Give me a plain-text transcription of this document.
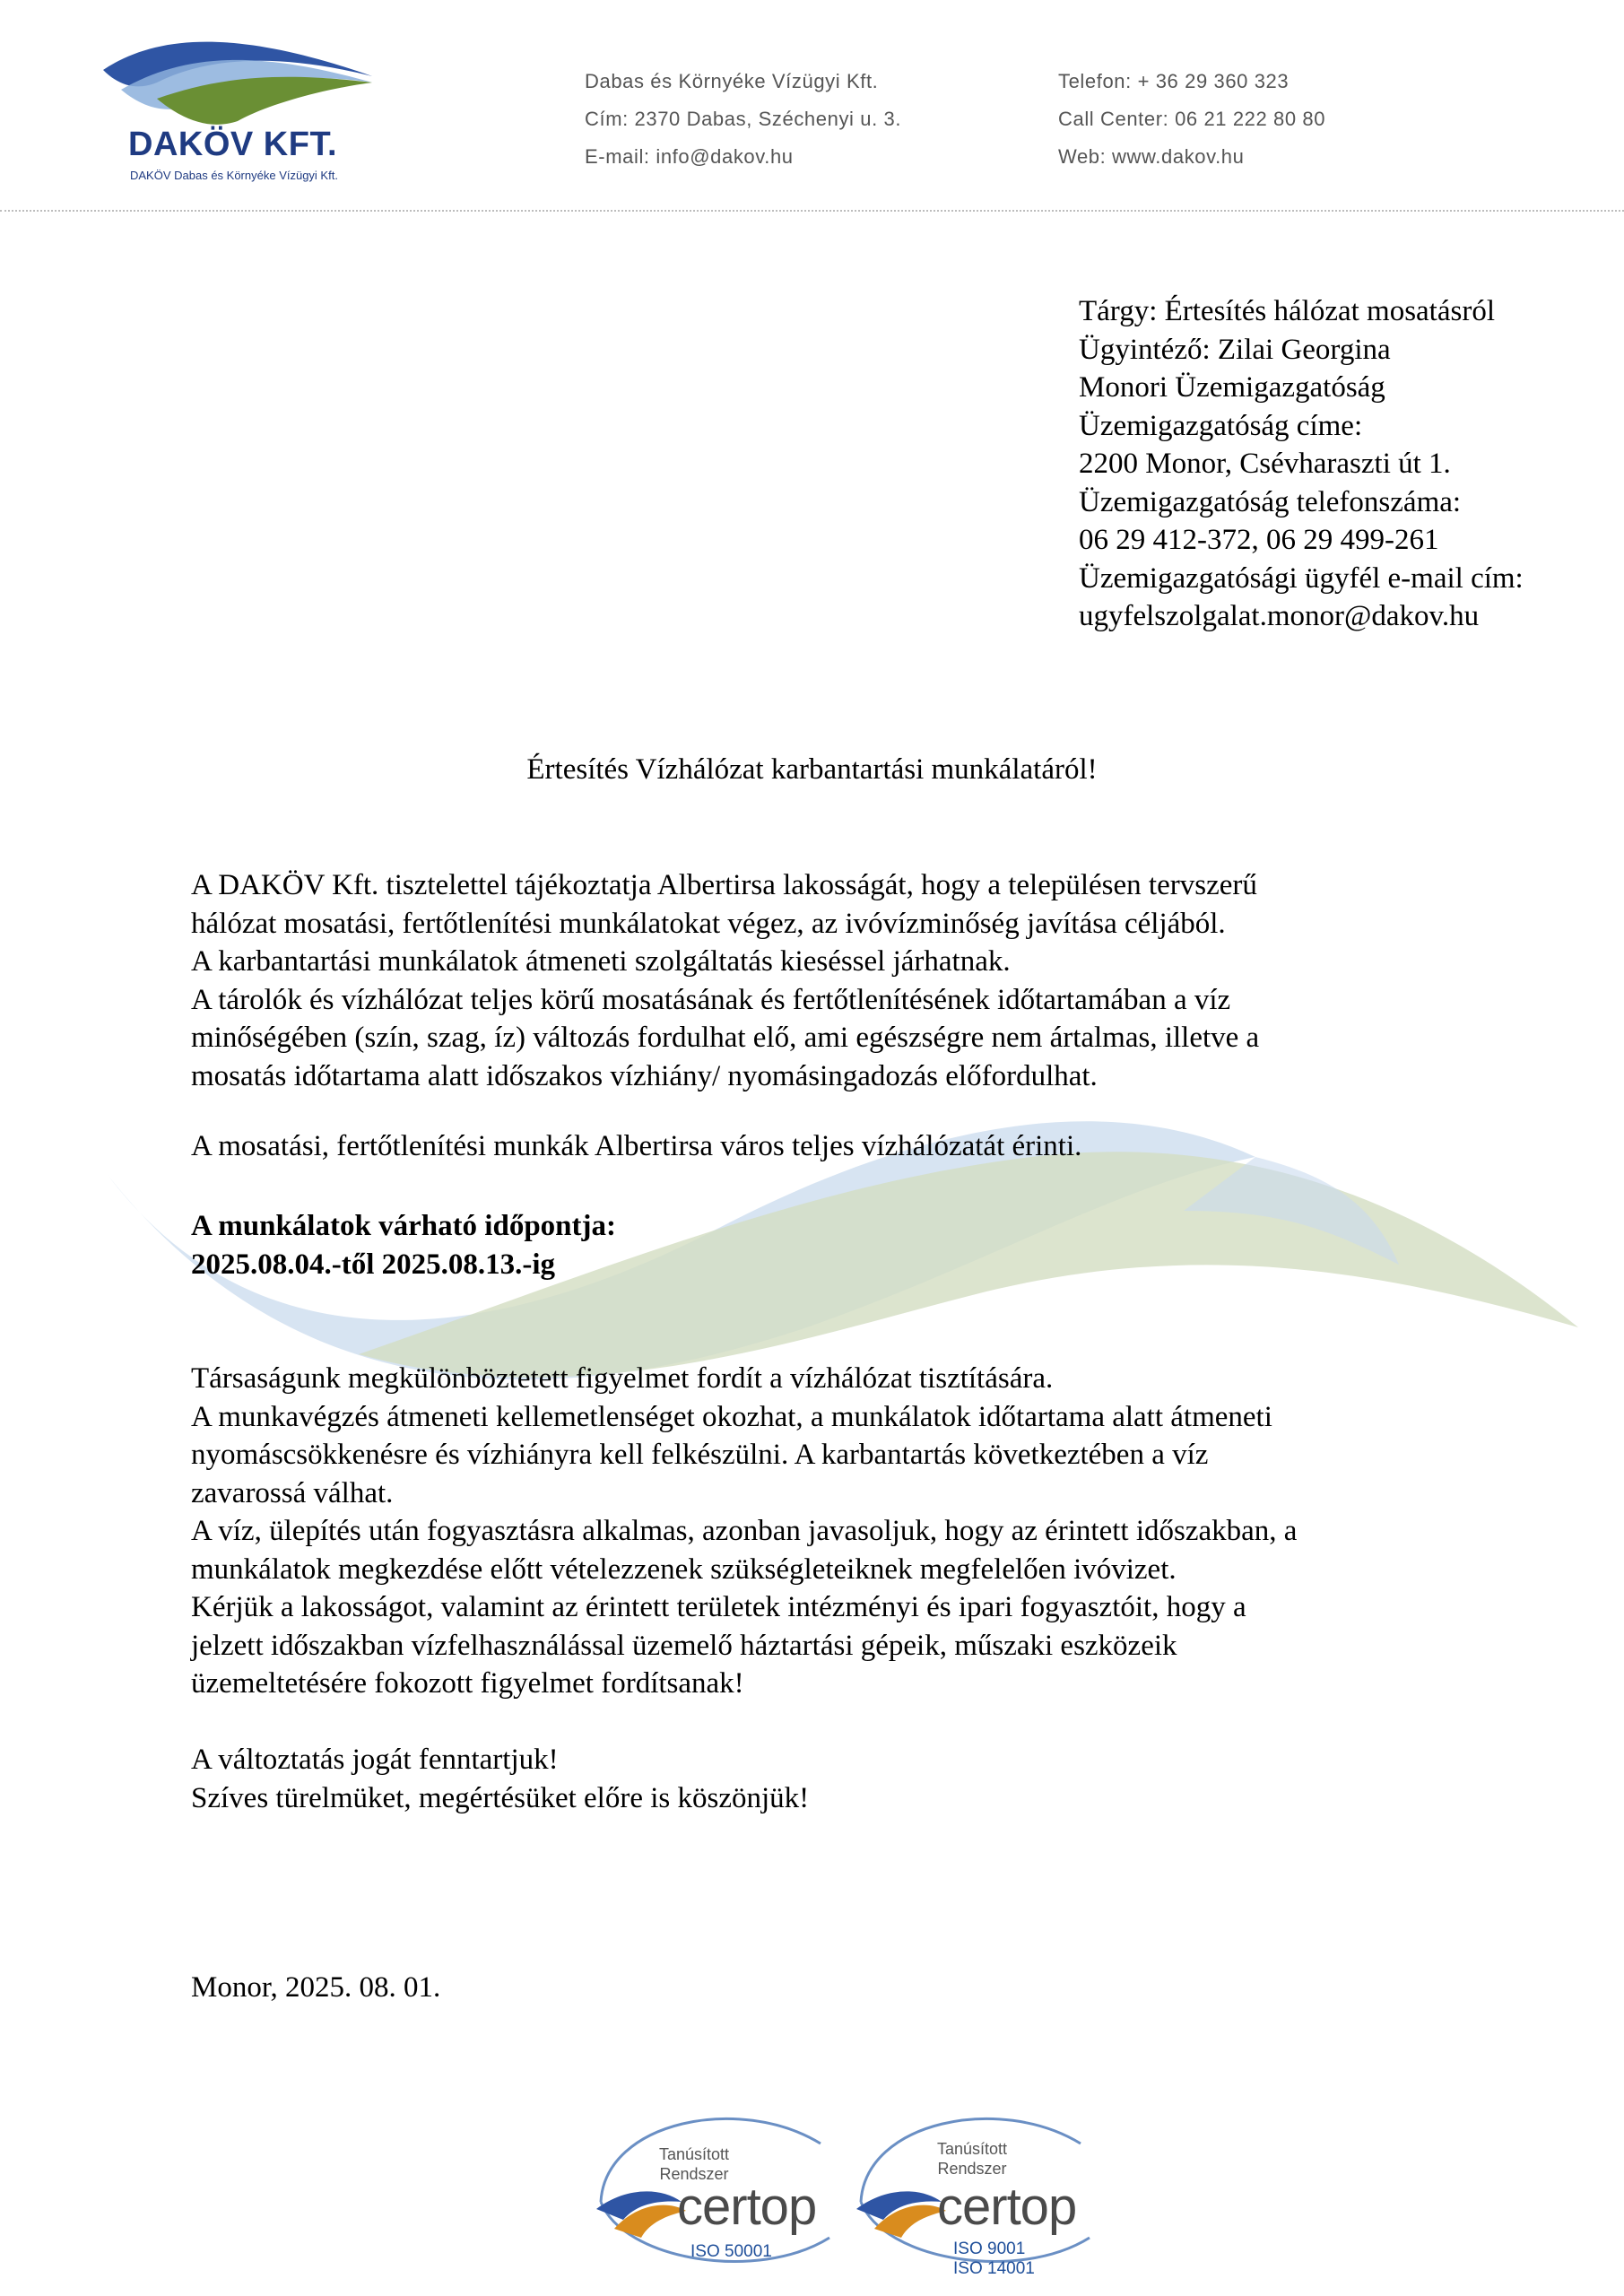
DAKÖV KFT.
DAKÖV Dabas és Környéke Vízügyi Kft.
Dabas és Környéke Vízügyi Kft.
Cím: 2370 Dabas, Széchenyi u. 3.
E-mail: info@dakov.hu
Telefon: + 36 29 360 323
Call Center: 06 21 222 80 80
Web: www.dakov.hu
Tárgy: Értesítés hálózat mosatásról
Ügyintéző: Zilai Georgina
Monori Üzemigazgatóság
Üzemigazgatóság címe:
2200 Monor, Csévharaszti út 1.
Üzemigazgatóság telefonszáma:
06 29 412-372, 06 29 499-261
Üzemigazgatósági ügyfél e-mail cím:
ugyfelszolgalat.monor@dakov.hu
Értesítés Vízhálózat karbantartási munkálatáról!
A DAKÖV Kft. tisztelettel tájékoztatja Albertirsa lakosságát, hogy a településen tervszerű
hálózat mosatási, fertőtlenítési munkálatokat végez, az ivóvízminőség javítása céljából.
A karbantartási munkálatok átmeneti szolgáltatás kieséssel járhatnak.
A tárolók és vízhálózat teljes körű mosatásának és fertőtlenítésének időtartamában a víz
minőségében (szín, szag, íz) változás fordulhat elő, ami egészségre nem ártalmas, illetve a
mosatás időtartama alatt időszakos vízhiány/ nyomásingadozás előfordulhat.
A mosatási, fertőtlenítési munkák Albertirsa város teljes vízhálózatát érinti.
A munkálatok várható időpontja:
2025.08.04.-től 2025.08.13.-ig
Társaságunk megkülönböztetett figyelmet fordít a vízhálózat tisztítására.
A munkavégzés átmeneti kellemetlenséget okozhat, a munkálatok időtartama alatt átmeneti
nyomáscsökkenésre és vízhiányra kell felkészülni. A karbantartás következtében a víz
zavarossá válhat.
A víz, ülepítés után fogyasztásra alkalmas, azonban javasoljuk, hogy az érintett időszakban, a
munkálatok megkezdése előtt vételezzenek szükségleteiknek megfelelően ivóvizet.
Kérjük a lakosságot, valamint az érintett területek intézményi és ipari fogyasztóit, hogy a
jelzett időszakban vízfelhasználással üzemelő háztartási gépeik, műszaki eszközeik
üzemeltetésére fokozott figyelmet fordítsanak!
A változtatás jogát fenntartjuk!
Szíves türelmüket, megértésüket előre is köszönjük!
Monor, 2025. 08. 01.
Tanúsított
Rendszer
certop
ISO 50001
Tanúsított
Rendszer
certop
ISO 9001
ISO 14001
